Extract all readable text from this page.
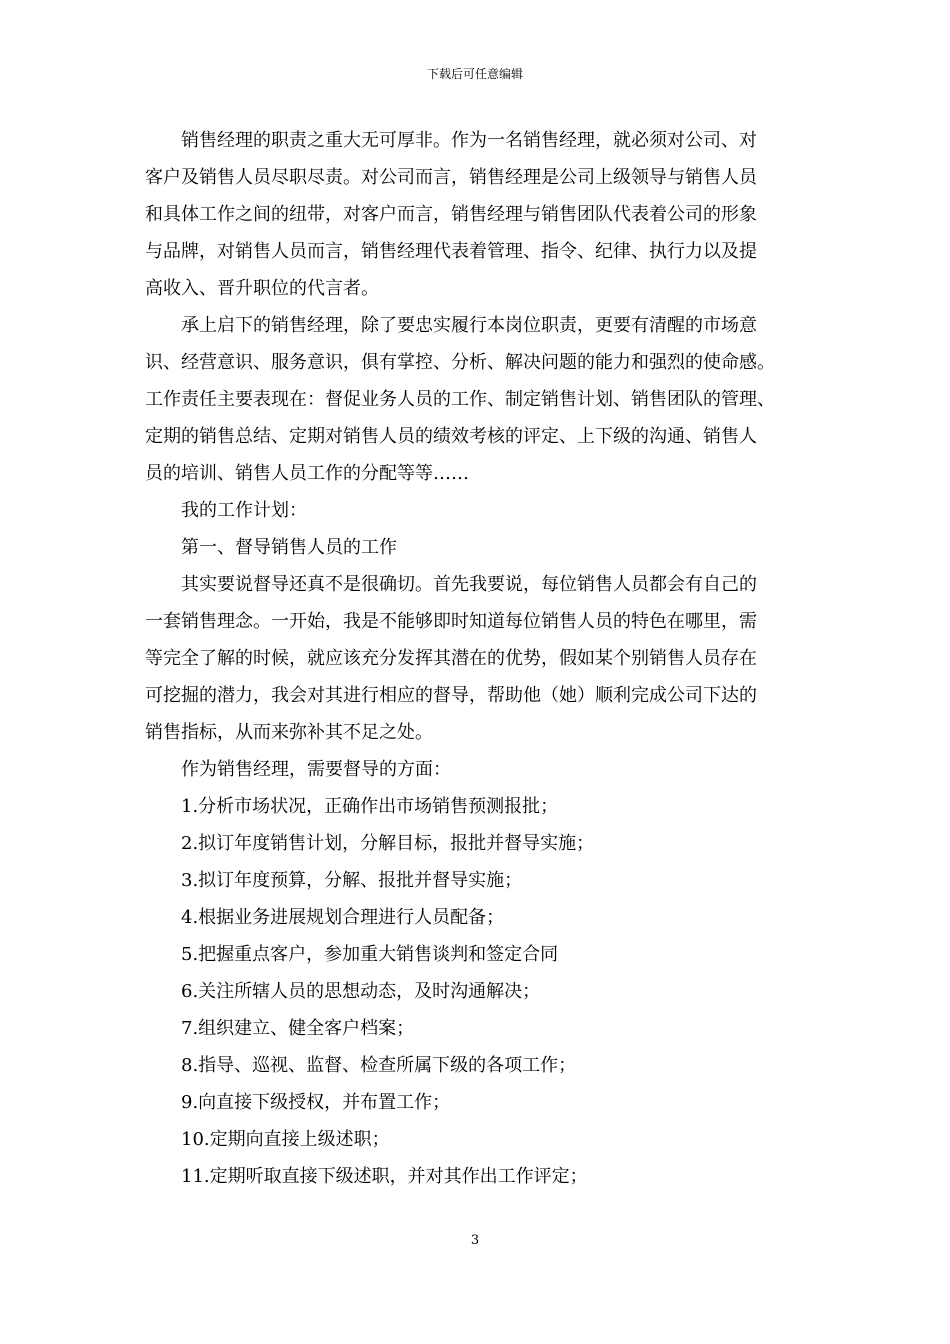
下载后可任意编辑
销售经理的职责之重大无可厚非。作为一名销售经理，就必须对公司、对
客户及销售人员尽职尽责。对公司而言，销售经理是公司上级领导与销售人员
和具体工作之间的纽带，对客户而言，销售经理与销售团队代表着公司的形象
与品牌，对销售人员而言，销售经理代表着管理、指令、纪律、执行力以及提
高收入、晋升职位的代言者。
承上启下的销售经理，除了要忠实履行本岗位职责，更要有清醒的市场意
识、经营意识、服务意识，俱有掌控、分析、解决问题的能力和强烈的使命感。
工作责任主要表现在：督促业务人员的工作、制定销售计划、销售团队的管理、
定期的销售总结、定期对销售人员的绩效考核的评定、上下级的沟通、销售人
员的培训、销售人员工作的分配等等……
我的工作计划：
第一、督导销售人员的工作
其实要说督导还真不是很确切。首先我要说，每位销售人员都会有自己的
一套销售理念。一开始，我是不能够即时知道每位销售人员的特色在哪里，需
等完全了解的时候，就应该充分发挥其潜在的优势，假如某个别销售人员存在
可挖掘的潜力，我会对其进行相应的督导，帮助他（她）顺利完成公司下达的
销售指标，从而来弥补其不足之处。
作为销售经理，需要督导的方面：
1.分析市场状况，正确作出市场销售预测报批；
2.拟订年度销售计划，分解目标，报批并督导实施；
3.拟订年度预算，分解、报批并督导实施；
4.根据业务进展规划合理进行人员配备；
5.把握重点客户，参加重大销售谈判和签定合同
6.关注所辖人员的思想动态，及时沟通解决；
7.组织建立、健全客户档案；
8.指导、巡视、监督、检查所属下级的各项工作；
9.向直接下级授权，并布置工作；
10.定期向直接上级述职；
11.定期听取直接下级述职，并对其作出工作评定；
3
